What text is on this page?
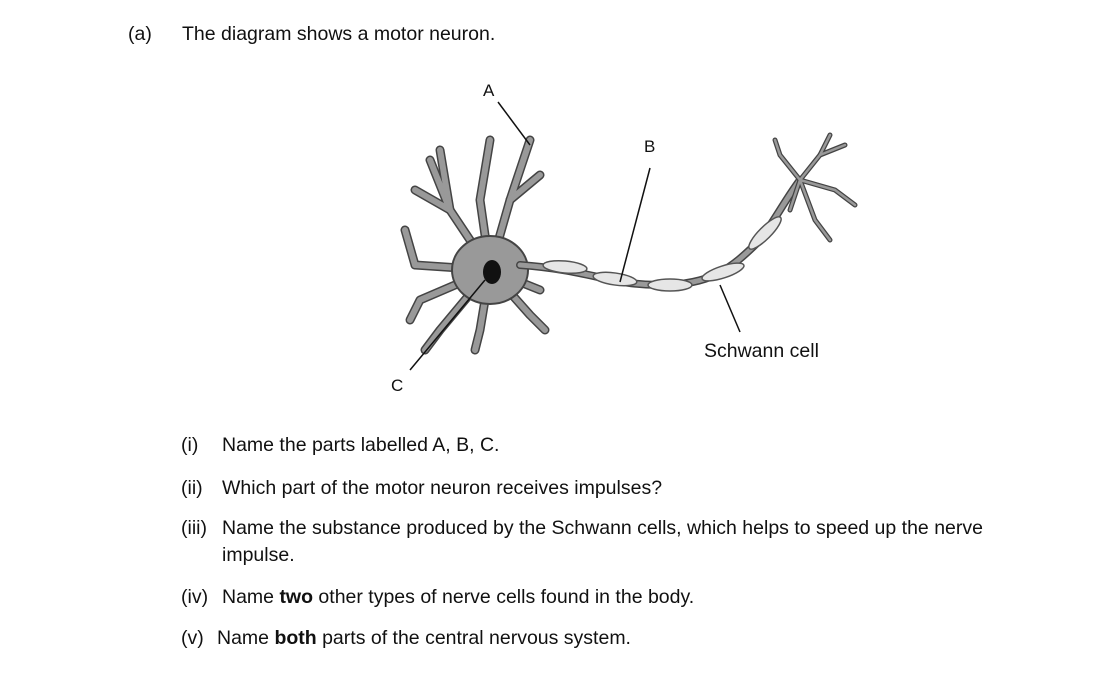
(a) The diagram shows a motor neuron.
A
B
C
Schwann cell
(i) Name the parts labelled A, B, C.
(ii) Which part of the motor neuron receives impulses?
(iii) Name the substance produced by the Schwann cells, which helps to speed up the nerve
impulse.
(iv) Name two other types of nerve cells found in the body.
(v) Name both parts of the central nervous system.
